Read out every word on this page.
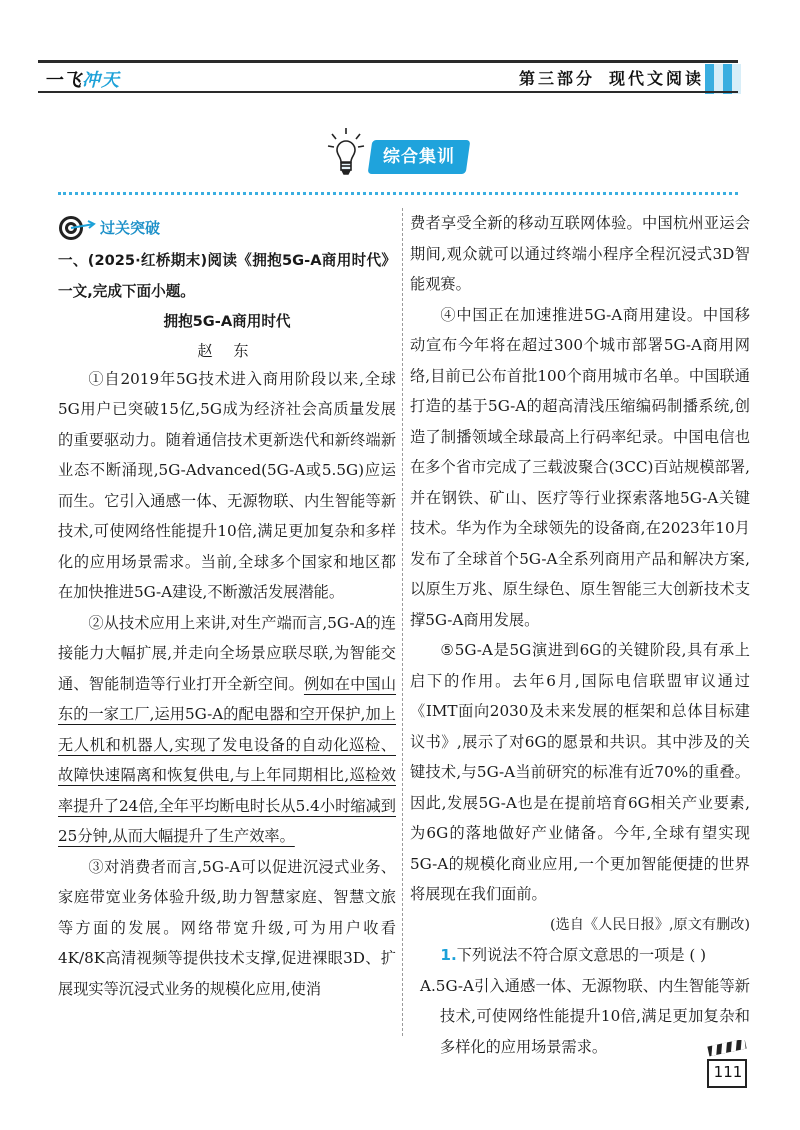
一飞冲天	第三部分 现代文阅读
综合集训
过关突破

一、(2025·红桥期末)阅读《拥抱5G-A商用时代》一文,完成下面小题。

拥抱5G-A商用时代
赵 东

①自2019年5G技术进入商用阶段以来,全球5G用户已突破15亿,5G成为经济社会高质量发展的重要驱动力。随着通信技术更新迭代和新终端新业态不断涌现,5G-Advanced(5G-A或5.5G)应运而生。它引入通感一体、无源物联、内生智能等新技术,可使网络性能提升10倍,满足更加复杂和多样化的应用场景需求。当前,全球多个国家和地区都在加快推进5G-A建设,不断激活发展潜能。

②从技术应用上来讲,对生产端而言,5G-A的连接能力大幅扩展,并走向全场景应联尽联,为智能交通、智能制造等行业打开全新空间。例如在中国山东的一家工厂,运用5G-A的配电器和空开保护,加上无人机和机器人,实现了发电设备的自动化巡检、故障快速隔离和恢复供电,与上年同期相比,巡检效率提升了24倍,全年平均断电时长从5.4小时缩减到25分钟,从而大幅提升了生产效率。

③对消费者而言,5G-A可以促进沉浸式业务、家庭带宽业务体验升级,助力智慧家庭、智慧文旅等方面的发展。网络带宽升级,可为用户收看4K/8K高清视频等提供技术支撑,促进裸眼3D、扩展现实等沉浸式业务的规模化应用,使消

费者享受全新的移动互联网体验。中国杭州亚运会期间,观众就可以通过终端小程序全程沉浸式3D智能观赛。

④中国正在加速推进5G-A商用建设。中国移动宣布今年将在超过300个城市部署5G-A商用网络,目前已公布首批100个商用城市名单。中国联通打造的基于5G-A的超高清浅压缩编码制播系统,创造了制播领域全球最高上行码率纪录。中国电信也在多个省市完成了三载波聚合(3CC)百站规模部署,并在钢铁、矿山、医疗等行业探索落地5G-A关键技术。华为作为全球领先的设备商,在2023年10月发布了全球首个5G-A全系列商用产品和解决方案,以原生万兆、原生绿色、原生智能三大创新技术支撑5G-A商用发展。

⑤5G-A是5G演进到6G的关键阶段,具有承上启下的作用。去年6月,国际电信联盟审议通过《IMT面向2030及未来发展的框架和总体目标建议书》,展示了对6G的愿景和共识。其中涉及的关键技术,与5G-A当前研究的标准有近70%的重叠。因此,发展5G-A也是在提前培育6G相关产业要素,为6G的落地做好产业储备。今年,全球有望实现5G-A的规模化商业应用,一个更加智能便捷的世界将展现在我们面前。

(选自《人民日报》,原文有删改)

1.下列说法不符合原文意思的一项是 ( )

A.5G-A引入通感一体、无源物联、内生智能等新技术,可使网络性能提升10倍,满足更加复杂和多样化的应用场景需求。

111
